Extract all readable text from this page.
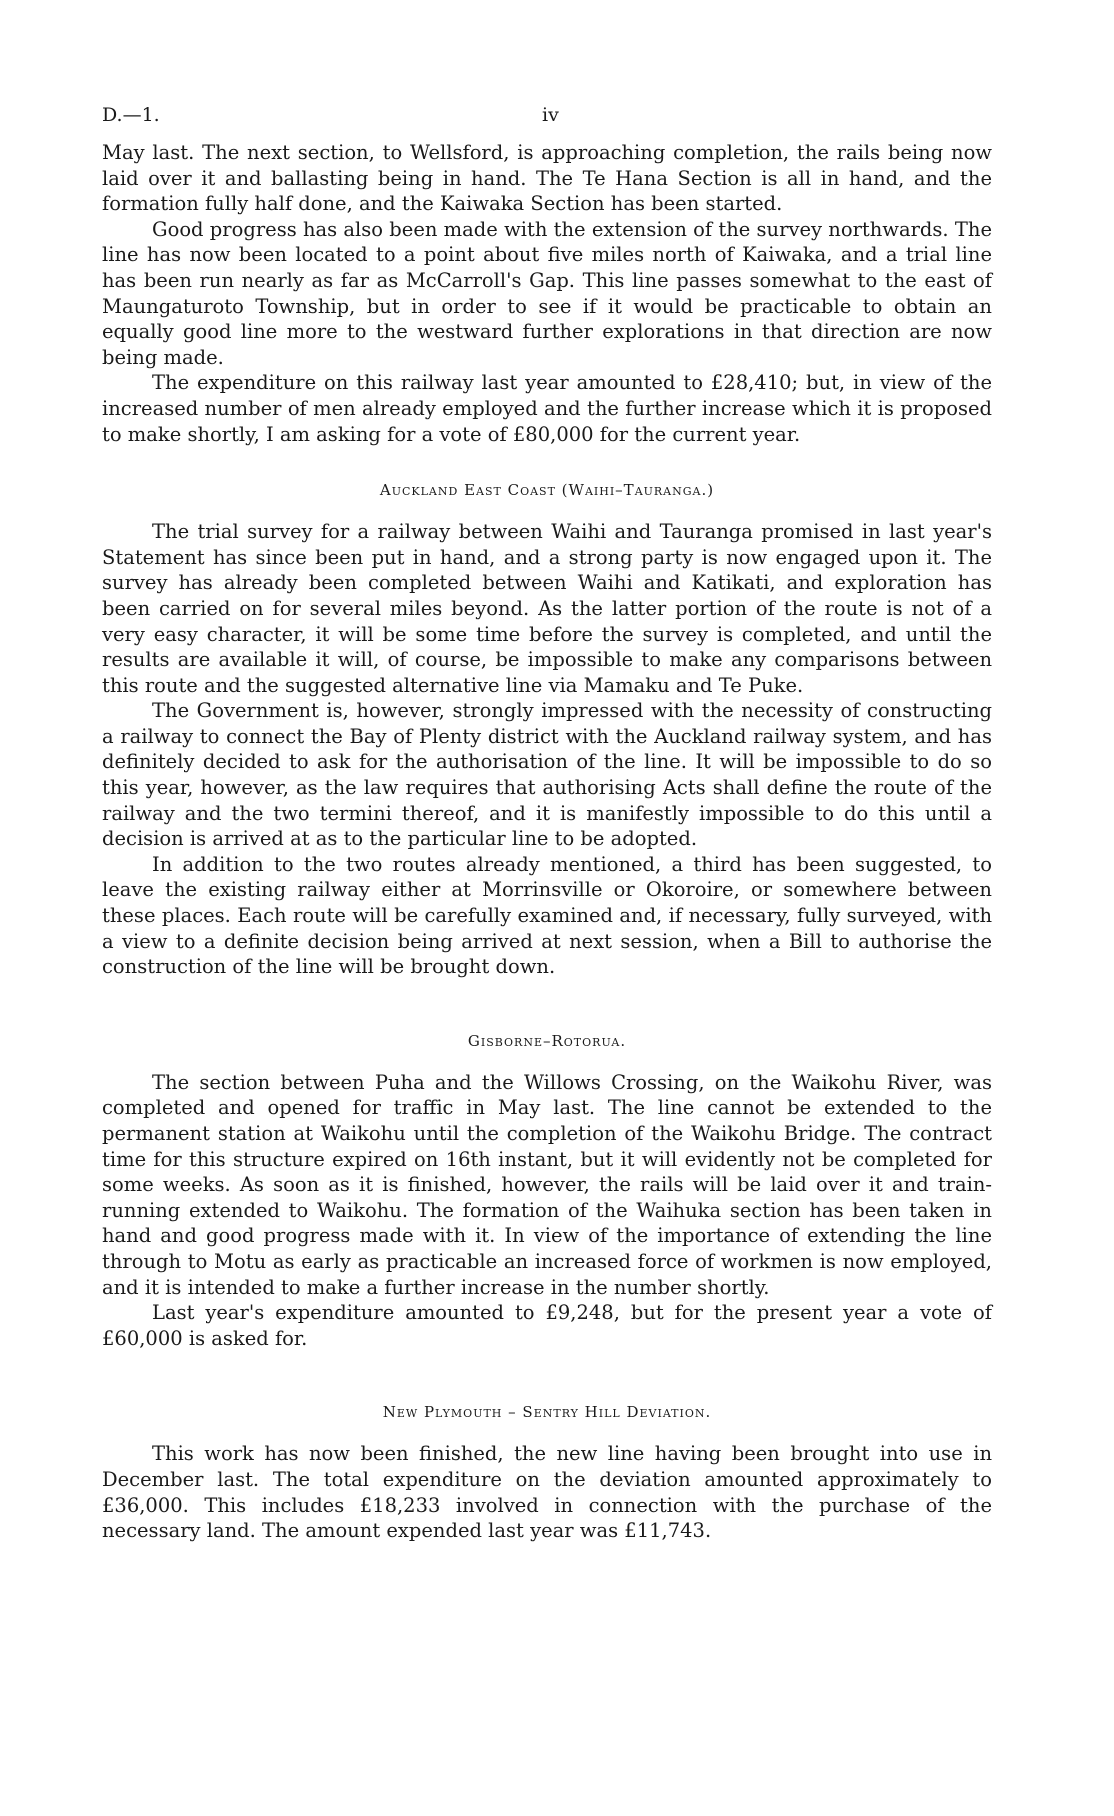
D.—1.	iv

May last. The next section, to Wellsford, is approaching completion, the rails being now laid over it and ballasting being in hand. The Te Hana Section is all in hand, and the formation fully half done, and the Kaiwaka Section has been started.

Good progress has also been made with the extension of the survey northwards. The line has now been located to a point about five miles north of Kaiwaka, and a trial line has been run nearly as far as McCarroll's Gap. This line passes somewhat to the east of Maungaturoto Township, but in order to see if it would be practicable to obtain an equally good line more to the westward further explorations in that direction are now being made.

The expenditure on this railway last year amounted to £28,410; but, in view of the increased number of men already employed and the further increase which it is proposed to make shortly, I am asking for a vote of £80,000 for the current year.

Auckland East Coast (Waihi–Tauranga.)

The trial survey for a railway between Waihi and Tauranga promised in last year's Statement has since been put in hand, and a strong party is now engaged upon it. The survey has already been completed between Waihi and Katikati, and exploration has been carried on for several miles beyond. As the latter portion of the route is not of a very easy character, it will be some time before the survey is completed, and until the results are available it will, of course, be impossible to make any comparisons between this route and the suggested alternative line via Mamaku and Te Puke.

The Government is, however, strongly impressed with the necessity of constructing a railway to connect the Bay of Plenty district with the Auckland railway system, and has definitely decided to ask for the authorisation of the line. It will be impossible to do so this year, however, as the law requires that authorising Acts shall define the route of the railway and the two termini thereof, and it is manifestly impossible to do this until a decision is arrived at as to the particular line to be adopted.

In addition to the two routes already mentioned, a third has been suggested, to leave the existing railway either at Morrinsville or Okoroire, or somewhere between these places. Each route will be carefully examined and, if necessary, fully surveyed, with a view to a definite decision being arrived at next session, when a Bill to authorise the construction of the line will be brought down.

Gisborne–Rotorua.

The section between Puha and the Willows Crossing, on the Waikohu River, was completed and opened for traffic in May last. The line cannot be extended to the permanent station at Waikohu until the completion of the Waikohu Bridge. The contract time for this structure expired on 16th instant, but it will evidently not be completed for some weeks. As soon as it is finished, however, the rails will be laid over it and train-running extended to Waikohu. The formation of the Waihuka section has been taken in hand and good progress made with it. In view of the importance of extending the line through to Motu as early as practicable an increased force of workmen is now employed, and it is intended to make a further increase in the number shortly.

Last year's expenditure amounted to £9,248, but for the present year a vote of £60,000 is asked for.

New Plymouth – Sentry Hill Deviation.

This work has now been finished, the new line having been brought into use in December last. The total expenditure on the deviation amounted approximately to £36,000. This includes £18,233 involved in connection with the purchase of the necessary land. The amount expended last year was £11,743.
